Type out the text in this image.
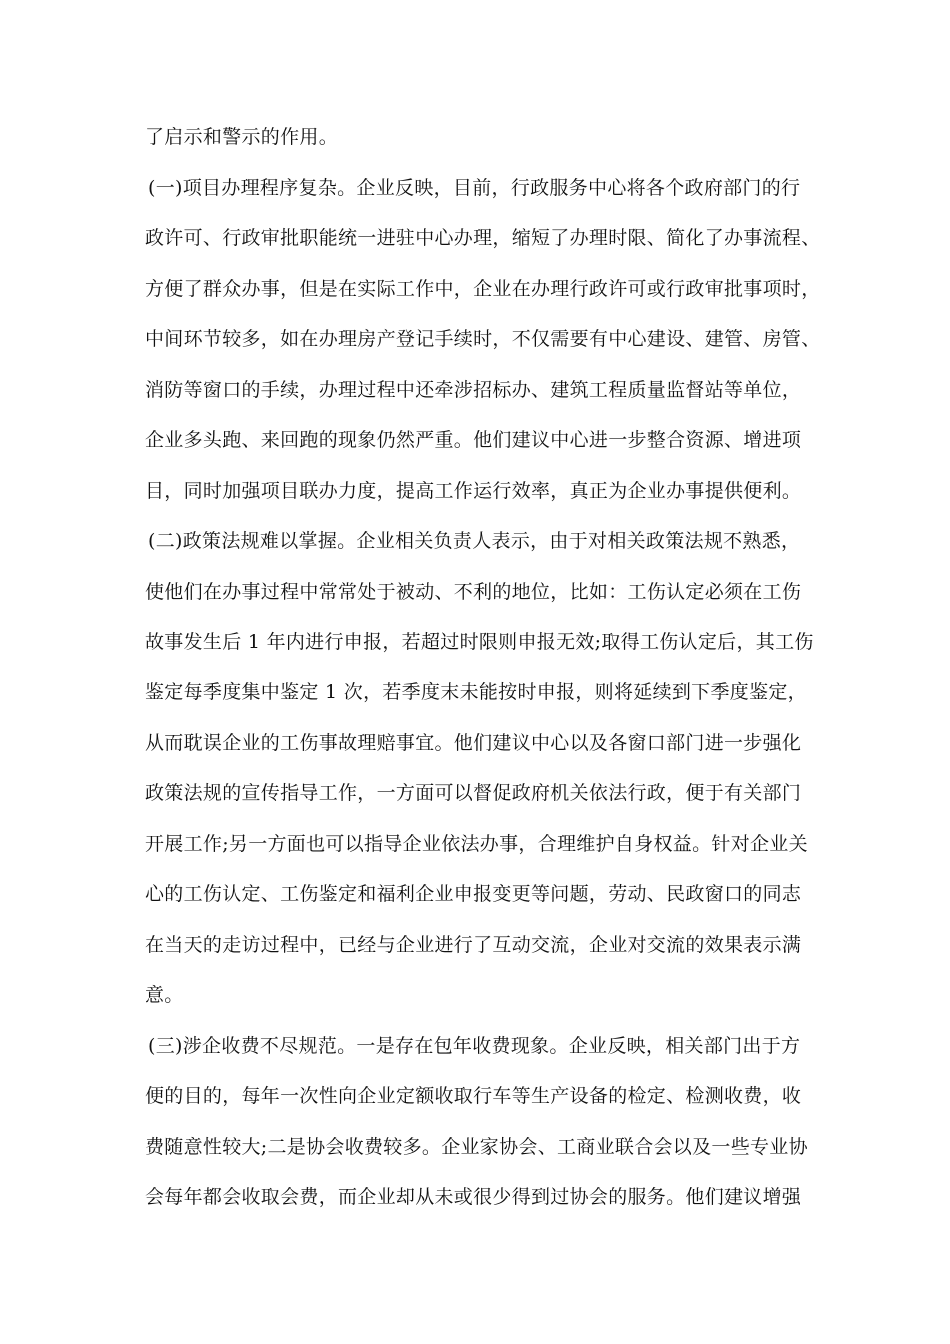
了启示和警示的作用。
(一)项目办理程序复杂。企业反映，目前，行政服务中心将各个政府部门的行
政许可、行政审批职能统一进驻中心办理，缩短了办理时限、简化了办事流程、
方便了群众办事，但是在实际工作中，企业在办理行政许可或行政审批事项时，
中间环节较多，如在办理房产登记手续时，不仅需要有中心建设、建管、房管、
消防等窗口的手续，办理过程中还牵涉招标办、建筑工程质量监督站等单位，
企业多头跑、来回跑的现象仍然严重。他们建议中心进一步整合资源、增进项
目，同时加强项目联办力度，提高工作运行效率，真正为企业办事提供便利。
(二)政策法规难以掌握。企业相关负责人表示，由于对相关政策法规不熟悉，
使他们在办事过程中常常处于被动、不利的地位，比如：工伤认定必须在工伤
故事发生后 1 年内进行申报，若超过时限则申报无效;取得工伤认定后，其工伤
鉴定每季度集中鉴定 1 次，若季度末未能按时申报，则将延续到下季度鉴定，
从而耽误企业的工伤事故理赔事宜。他们建议中心以及各窗口部门进一步强化
政策法规的宣传指导工作，一方面可以督促政府机关依法行政，便于有关部门
开展工作;另一方面也可以指导企业依法办事，合理维护自身权益。针对企业关
心的工伤认定、工伤鉴定和福利企业申报变更等问题，劳动、民政窗口的同志
在当天的走访过程中，已经与企业进行了互动交流，企业对交流的效果表示满
意。
(三)涉企收费不尽规范。一是存在包年收费现象。企业反映，相关部门出于方
便的目的，每年一次性向企业定额收取行车等生产设备的检定、检测收费，收
费随意性较大;二是协会收费较多。企业家协会、工商业联合会以及一些专业协
会每年都会收取会费，而企业却从未或很少得到过协会的服务。他们建议增强
